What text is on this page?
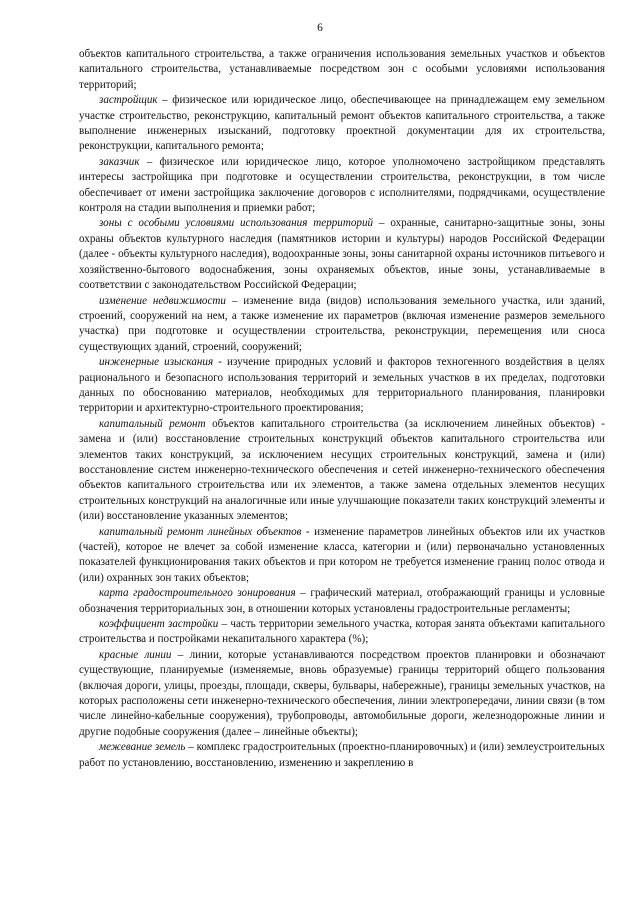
6

объектов капитального строительства, а также ограничения использования земельных участков и объектов капитального строительства, устанавливаемые посредством зон с особыми условиями использования территорий;

застройщик – физическое или юридическое лицо, обеспечивающее на принадлежащем ему земельном участке строительство, реконструкцию, капитальный ремонт объектов капитального строительства, а также выполнение инженерных изысканий, подготовку проектной документации для их строительства, реконструкции, капитального ремонта;

заказчик – физическое или юридическое лицо, которое уполномочено застройщиком представлять интересы застройщика при подготовке и осуществлении строительства, реконструкции, в том числе обеспечивает от имени застройщика заключение договоров с исполнителями, подрядчиками, осуществление контроля на стадии выполнения и приемки работ;

зоны с особыми условиями использования территорий – охранные, санитарно-защитные зоны, зоны охраны объектов культурного наследия (памятников истории и культуры) народов Российской Федерации (далее - объекты культурного наследия), водоохранные зоны, зоны санитарной охраны источников питьевого и хозяйственно-бытового водоснабжения, зоны охраняемых объектов, иные зоны, устанавливаемые в соответствии с законодательством Российской Федерации;

изменение недвижимости – изменение вида (видов) использования земельного участка, или зданий, строений, сооружений на нем, а также изменение их параметров (включая изменение размеров земельного участка) при подготовке и осуществлении строительства, реконструкции, перемещения или сноса существующих зданий, строений, сооружений;

инженерные изыскания - изучение природных условий и факторов техногенного воздействия в целях рационального и безопасного использования территорий и земельных участков в их пределах, подготовки данных по обоснованию материалов, необходимых для территориального планирования, планировки территории и архитектурно-строительного проектирования;

капитальный ремонт объектов капитального строительства (за исключением линейных объектов) - замена и (или) восстановление строительных конструкций объектов капитального строительства или элементов таких конструкций, за исключением несущих строительных конструкций, замена и (или) восстановление систем инженерно-технического обеспечения и сетей инженерно-технического обеспечения объектов капитального строительства или их элементов, а также замена отдельных элементов несущих строительных конструкций на аналогичные или иные улучшающие показатели таких конструкций элементы и (или) восстановление указанных элементов;

капитальный ремонт линейных объектов - изменение параметров линейных объектов или их участков (частей), которое не влечет за собой изменение класса, категории и (или) первоначально установленных показателей функционирования таких объектов и при котором не требуется изменение границ полос отвода и (или) охранных зон таких объектов;

карта градостроительного зонирования – графический материал, отображающий границы и условные обозначения территориальных зон, в отношении которых установлены градостроительные регламенты;

коэффициент застройки – часть территории земельного участка, которая занята объектами капитального строительства и постройками некапитального характера (%);

красные линии – линии, которые устанавливаются посредством проектов планировки и обозначают существующие, планируемые (изменяемые, вновь образуемые) границы территорий общего пользования (включая дороги, улицы, проезды, площади, скверы, бульвары, набережные), границы земельных участков, на которых расположены сети инженерно-технического обеспечения, линии электропередачи, линии связи (в том числе линейно-кабельные сооружения), трубопроводы, автомобильные дороги, железнодорожные линии и другие подобные сооружения (далее – линейные объекты);

межевание земель – комплекс градостроительных (проектно-планировочных) и (или) землеустроительных работ по установлению, восстановлению, изменению и закреплению в
